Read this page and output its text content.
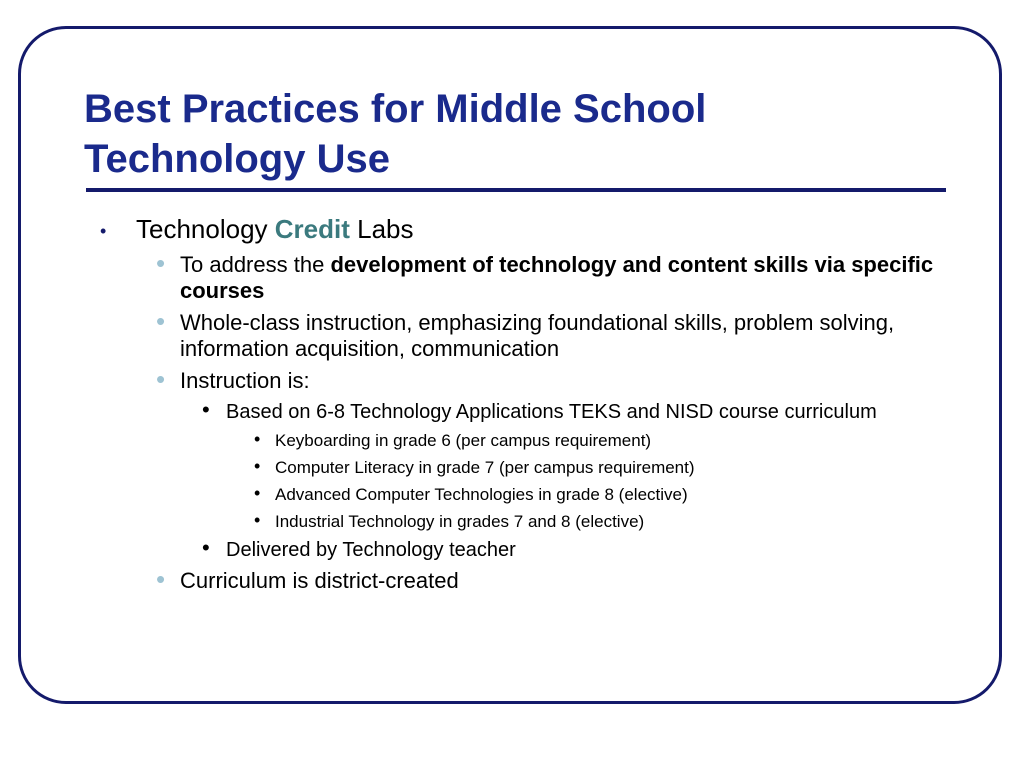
Best Practices for Middle School
Technology Use
• Technology Credit Labs
• To address the development of technology and content skills via specific courses
• Whole-class instruction, emphasizing foundational skills, problem solving, information acquisition, communication
• Instruction is:
• Based on 6-8 Technology Applications TEKS and NISD course curriculum
• Keyboarding in grade 6 (per campus requirement)
• Computer Literacy in grade 7 (per campus requirement)
• Advanced Computer Technologies in grade 8 (elective)
• Industrial Technology in grades 7 and 8 (elective)
• Delivered by Technology teacher
• Curriculum is district-created
